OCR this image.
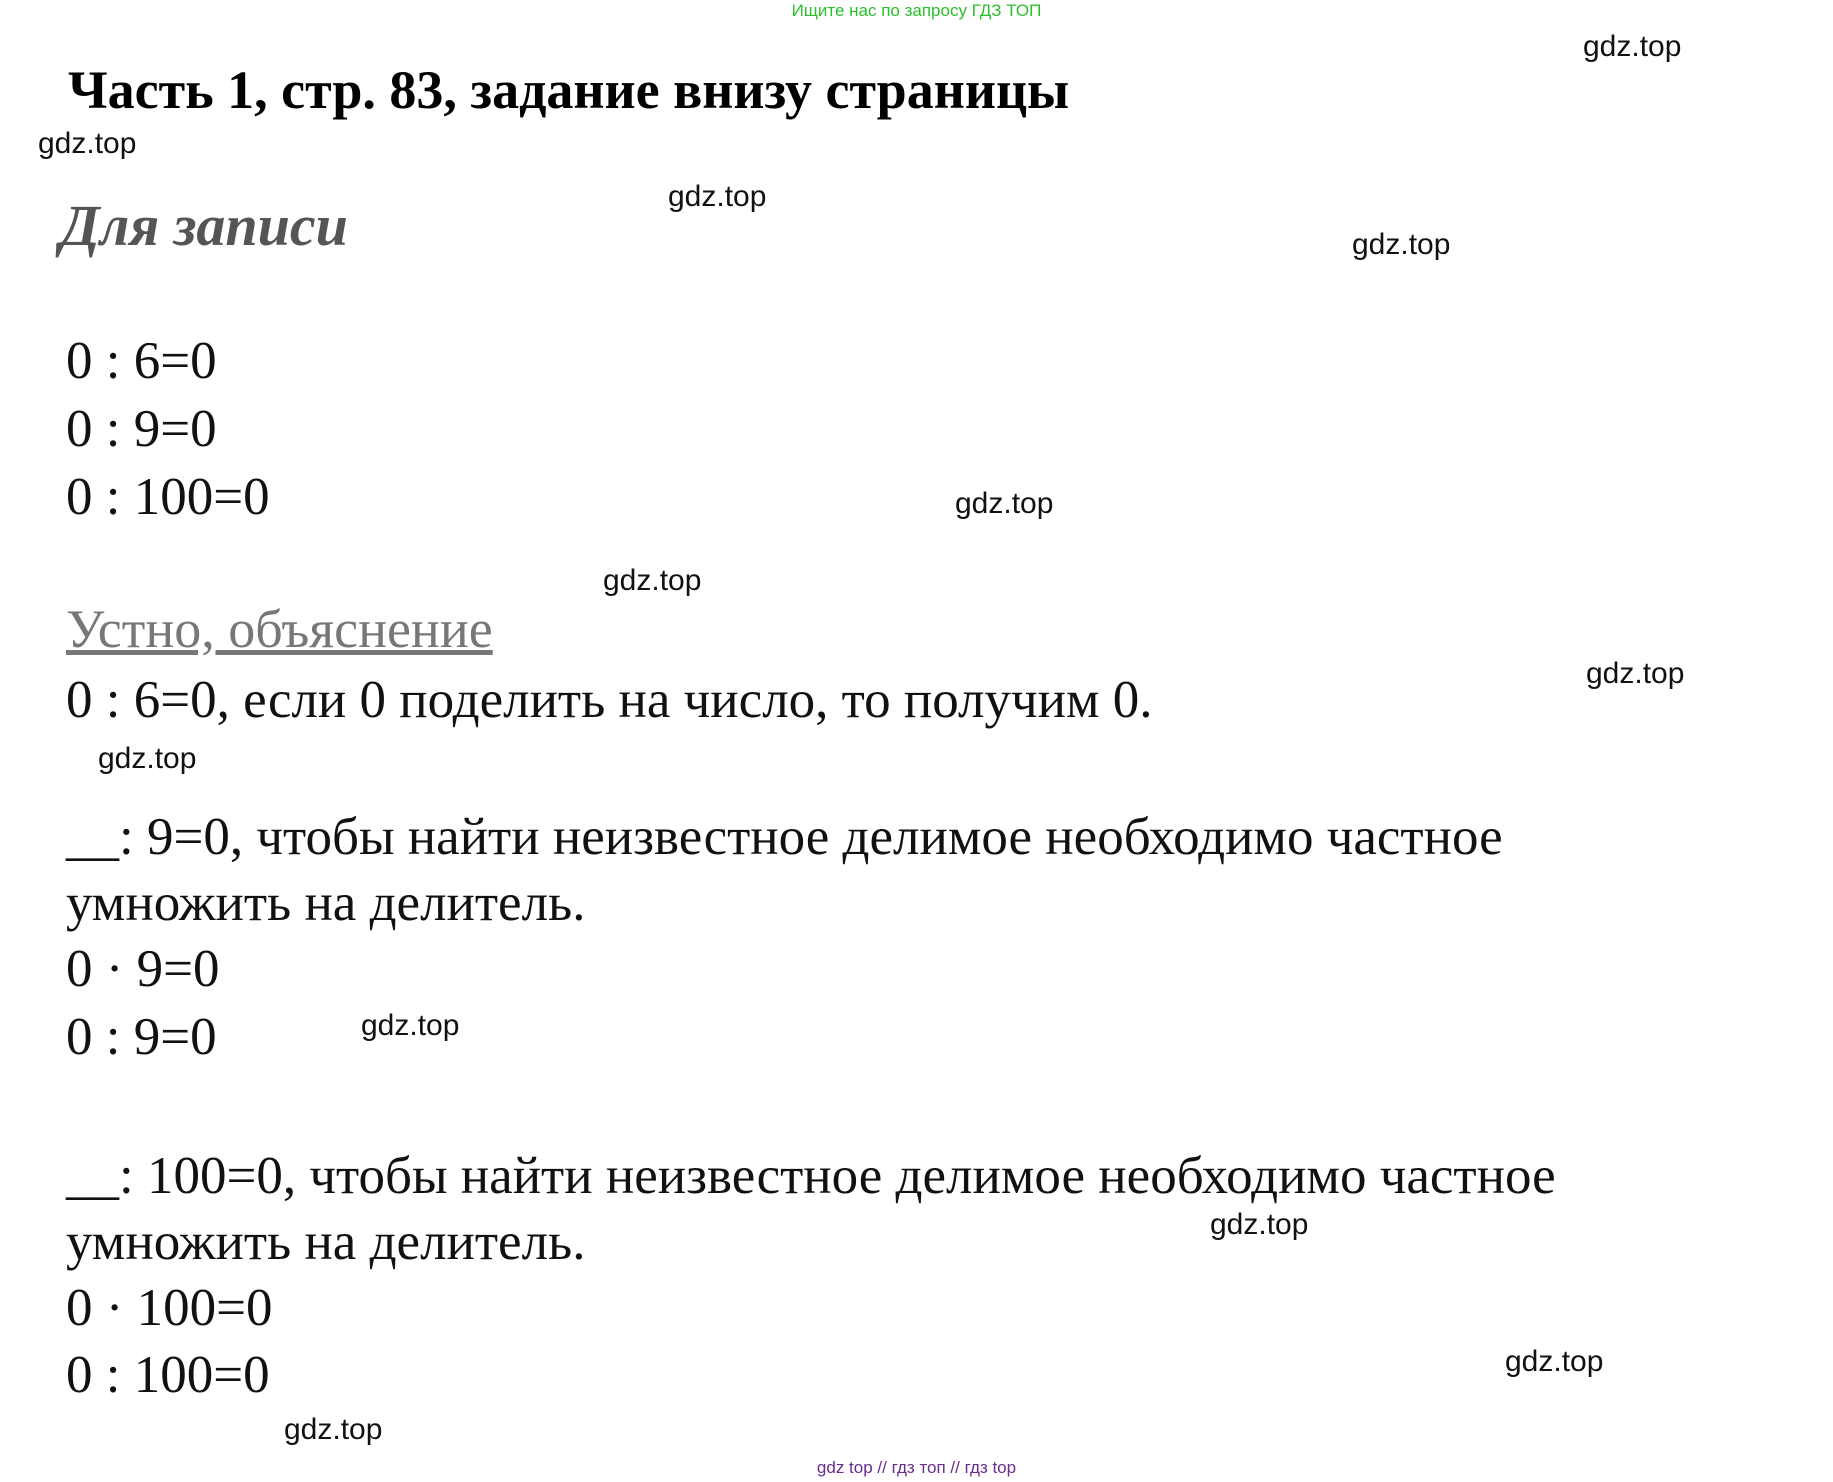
Ищите нас по запросу ГДЗ ТОП
Часть 1, стр. 83, задание внизу страницы
Для записи
0 : 6=0
0 : 9=0
0 : 100=0
Устно, объяснение
0 : 6=0, если 0 поделить на число, то получим 0.
__: 9=0, чтобы найти неизвестное делимое необходимо частное
умножить на делитель.
0 · 9=0
0 : 9=0
__: 100=0, чтобы найти неизвестное делимое необходимо частное
умножить на делитель.
0 · 100=0
0 : 100=0
gdz.top
gdz.top
gdz.top
gdz.top
gdz.top
gdz.top
gdz.top
gdz.top
gdz.top
gdz.top
gdz.top
gdz.top
gdz top // гдз топ // гдз top
